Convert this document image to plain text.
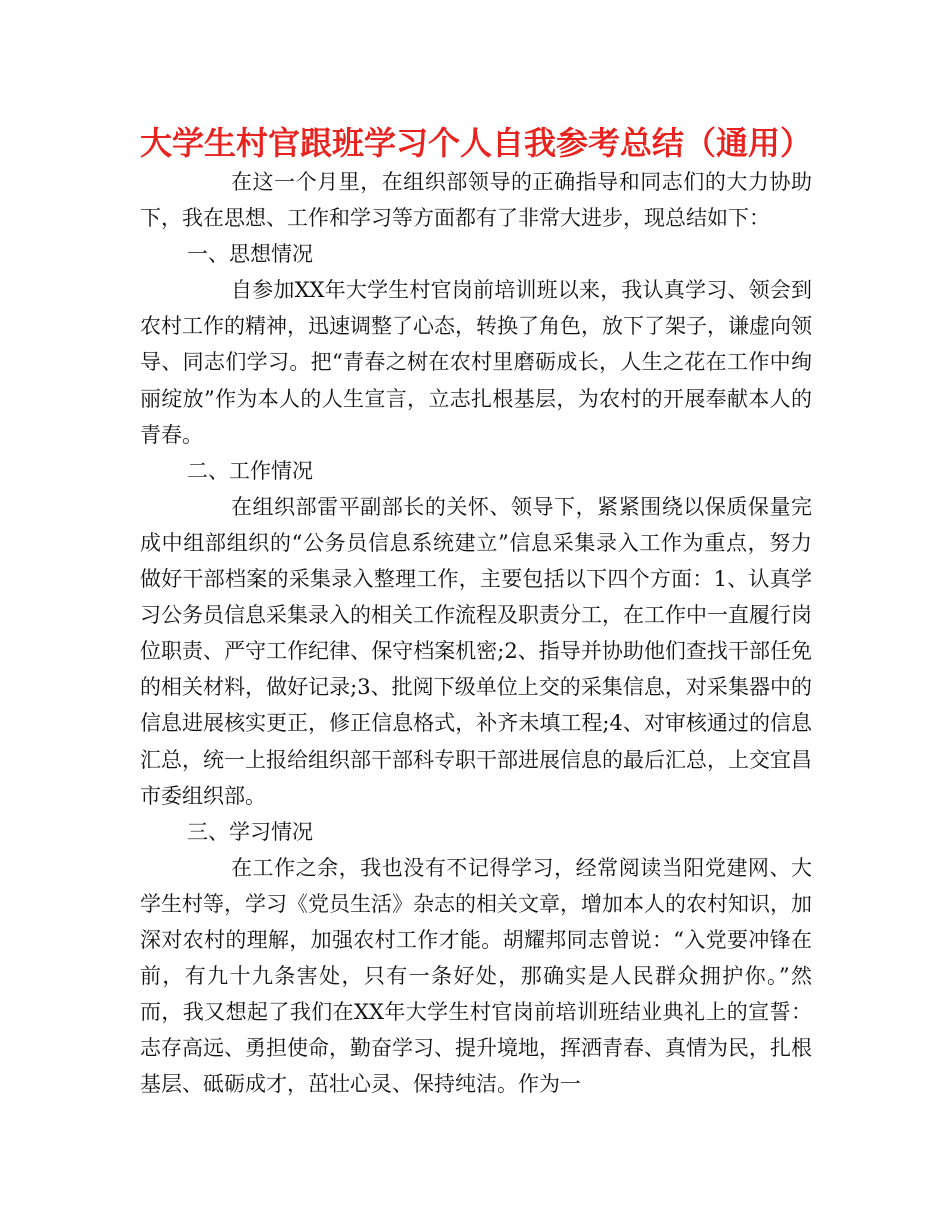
大学生村官跟班学习个人自我参考总结（通用）

在这一个月里，在组织部领导的正确指导和同志们的大力协助下，我在思想、工作和学习等方面都有了非常大进步，现总结如下：

一、思想情况

自参加XX年大学生村官岗前培训班以来，我认真学习、领会到农村工作的精神，迅速调整了心态，转换了角色，放下了架子，谦虚向领导、同志们学习。把“青春之树在农村里磨砺成长，人生之花在工作中绚丽绽放”作为本人的人生宣言，立志扎根基层，为农村的开展奉献本人的青春。

二、工作情况

在组织部雷平副部长的关怀、领导下，紧紧围绕以保质保量完成中组部组织的“公务员信息系统建立”信息采集录入工作为重点，努力做好干部档案的采集录入整理工作，主要包括以下四个方面：1、认真学习公务员信息采集录入的相关工作流程及职责分工，在工作中一直履行岗位职责、严守工作纪律、保守档案机密;2、指导并协助他们查找干部任免的相关材料，做好记录;3、批阅下级单位上交的采集信息，对采集器中的信息进展核实更正，修正信息格式，补齐未填工程;4、对审核通过的信息汇总，统一上报给组织部干部科专职干部进展信息的最后汇总，上交宜昌市委组织部。

三、学习情况

在工作之余，我也没有不记得学习，经常阅读当阳党建网、大学生村等，学习《党员生活》杂志的相关文章，增加本人的农村知识，加深对农村的理解，加强农村工作才能。胡耀邦同志曾说：“入党要冲锋在前，有九十九条害处，只有一条好处，那确实是人民群众拥护你。”然而，我又想起了我们在XX年大学生村官岗前培训班结业典礼上的宣誓：志存高远、勇担使命，勤奋学习、提升境地，挥洒青春、真情为民，扎根基层、砥砺成才，茁壮心灵、保持纯洁。作为一
